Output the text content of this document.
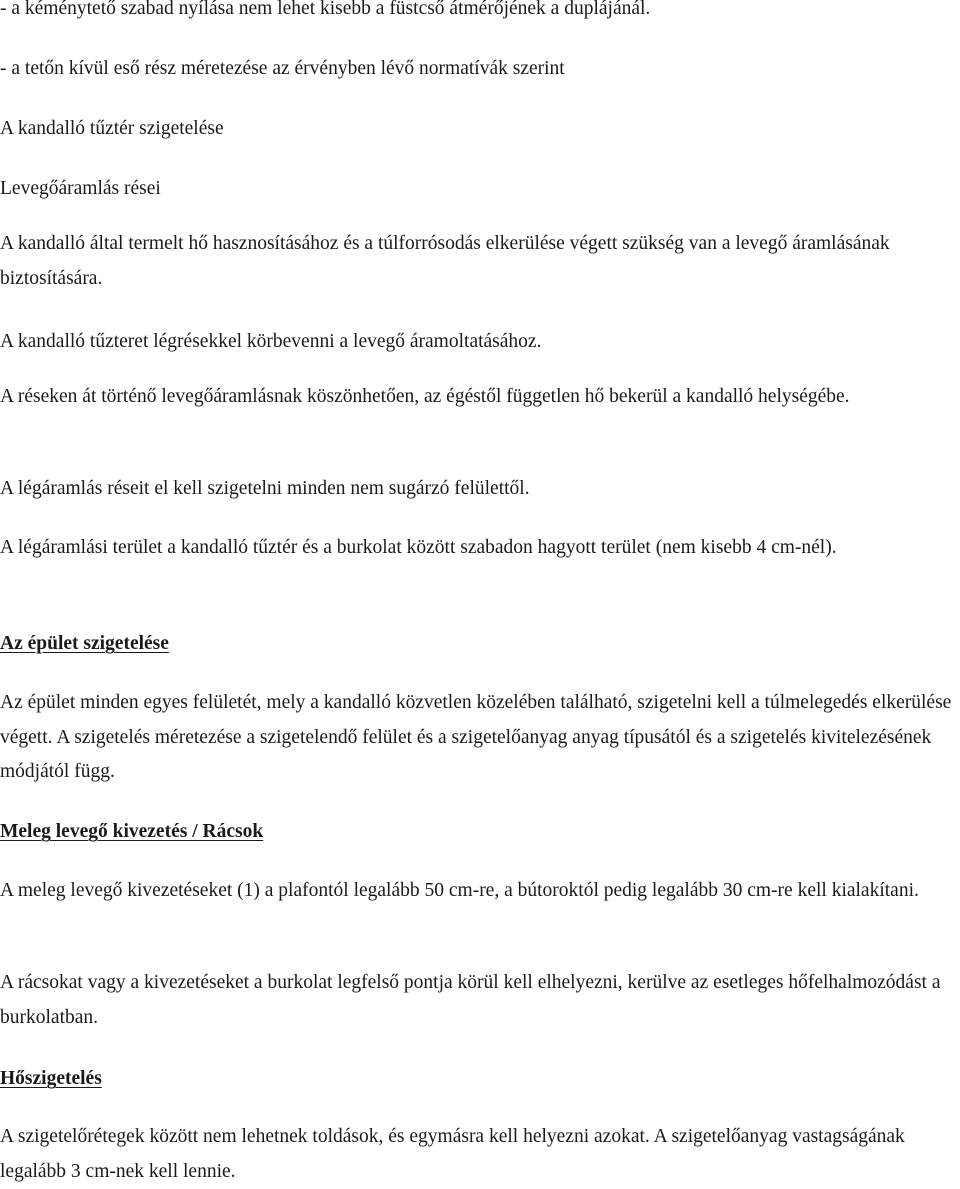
- a kéménytető szabad nyílása nem lehet kisebb a füstcső átmérőjének a duplájánál.

- a tetőn kívül eső rész méretezése az érvényben lévő normatívák szerint

A kandalló tűztér szigetelése

Levegőáramlás rései

A kandalló által termelt hő hasznosításához és a túlforrósodás elkerülése végett szükség van a levegő áramlásának biztosítására.

A kandalló tűzteret légrésekkel körbevenni a levegő áramoltatásához.

A réseken át történő levegőáramlásnak köszönhetően, az égéstől független hő bekerül a kandalló helységébe.

A légáramlás réseit el kell szigetelni minden nem sugárzó felülettől.

A légáramlási terület a kandalló tűztér és a burkolat között szabadon hagyott terület (nem kisebb 4 cm-nél).

Az épület szigetelése

Az épület minden egyes felületét, mely a kandalló közvetlen közelében található, szigetelni kell a túlmelegedés elkerülése végett. A szigetelés méretezése a szigetelendő felület és a szigetelőanyag anyag típusától és a szigetelés kivitelezésének módjától függ.

Meleg levegő kivezetés / Rácsok

A meleg levegő kivezetéseket (1) a plafontól legalább 50 cm-re, a bútoroktól pedig legalább 30 cm-re kell kialakítani.

A rácsokat vagy a kivezetéseket a burkolat legfelső pontja körül kell elhelyezni, kerülve az esetleges hőfelhalmozódást a burkolatban.

Hőszigetelés

A szigetelőrétegek között nem lehetnek toldások, és egymásra kell helyezni azokat. A szigetelőanyag vastagságának legalább 3 cm-nek kell lennie.
